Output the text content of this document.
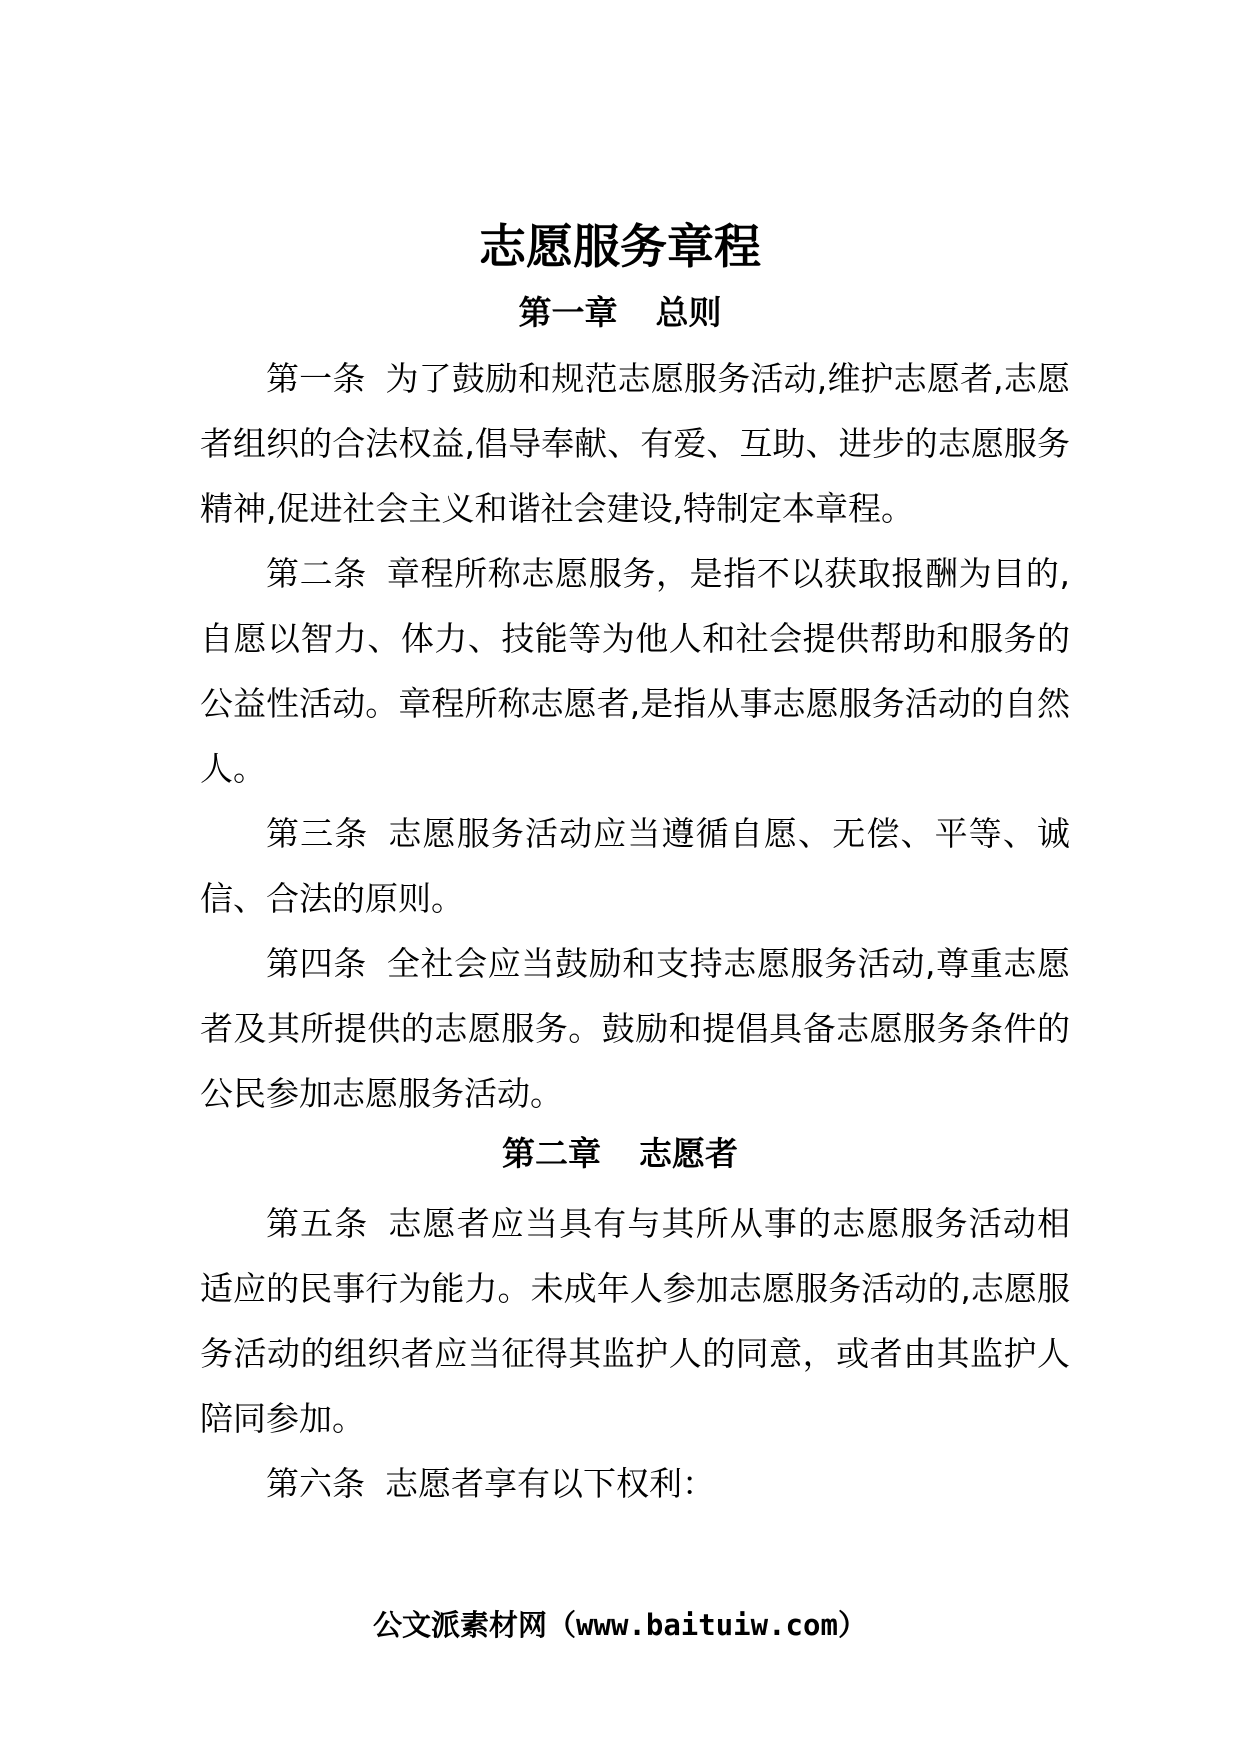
志愿服务章程
第一章 总则

第一条 为了鼓励和规范志愿服务活动,维护志愿者,志愿者组织的合法权益,倡导奉献、有爱、互助、进步的志愿服务精神,促进社会主义和谐社会建设,特制定本章程。

第二条 章程所称志愿服务，是指不以获取报酬为目的,自愿以智力、体力、技能等为他人和社会提供帮助和服务的公益性活动。章程所称志愿者,是指从事志愿服务活动的自然人。

第三条 志愿服务活动应当遵循自愿、无偿、平等、诚信、合法的原则。

第四条 全社会应当鼓励和支持志愿服务活动,尊重志愿者及其所提供的志愿服务。鼓励和提倡具备志愿服务条件的公民参加志愿服务活动。

第二章 志愿者

第五条 志愿者应当具有与其所从事的志愿服务活动相适应的民事行为能力。未成年人参加志愿服务活动的,志愿服务活动的组织者应当征得其监护人的同意，或者由其监护人陪同参加。

第六条 志愿者享有以下权利：

公文派素材网（www.baituiw.com）
